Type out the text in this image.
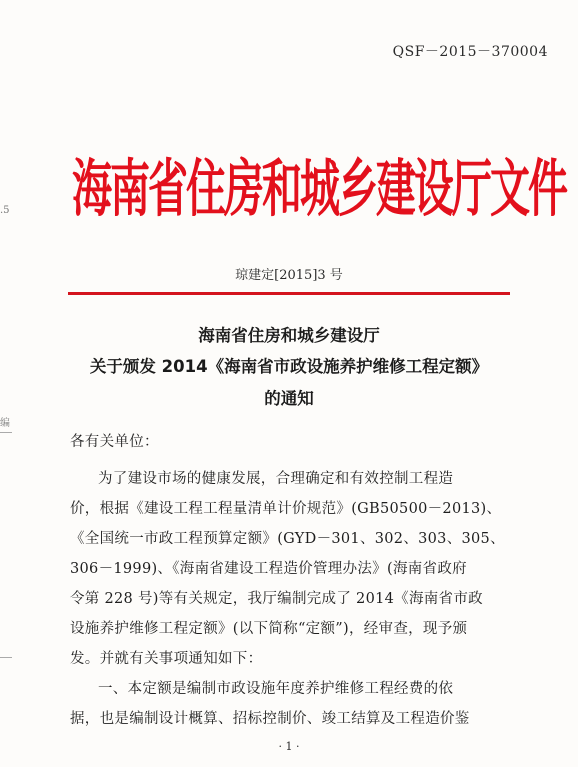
QSF－2015－370004
海南省住房和城乡建设厅文件
琼建定[2015]3 号
海南省住房和城乡建设厅
关于颁发 2014《海南省市政设施养护维修工程定额》
的通知
各有关单位：
为了建设市场的健康发展，合理确定和有效控制工程造
价，根据《建设工程工程量清单计价规范》(GB50500－2013)、
《全国统一市政工程预算定额》(GYD－301、302、303、305、
306－1999)、《海南省建设工程造价管理办法》(海南省政府
令第 228 号)等有关规定，我厅编制完成了 2014《海南省市政
设施养护维修工程定额》(以下简称“定额”)，经审查，现予颁
发。并就有关事项通知如下：
一、本定额是编制市政设施年度养护维修工程经费的依
据，也是编制设计概算、招标控制价、竣工结算及工程造价鉴
.5
编
· 1 ·
